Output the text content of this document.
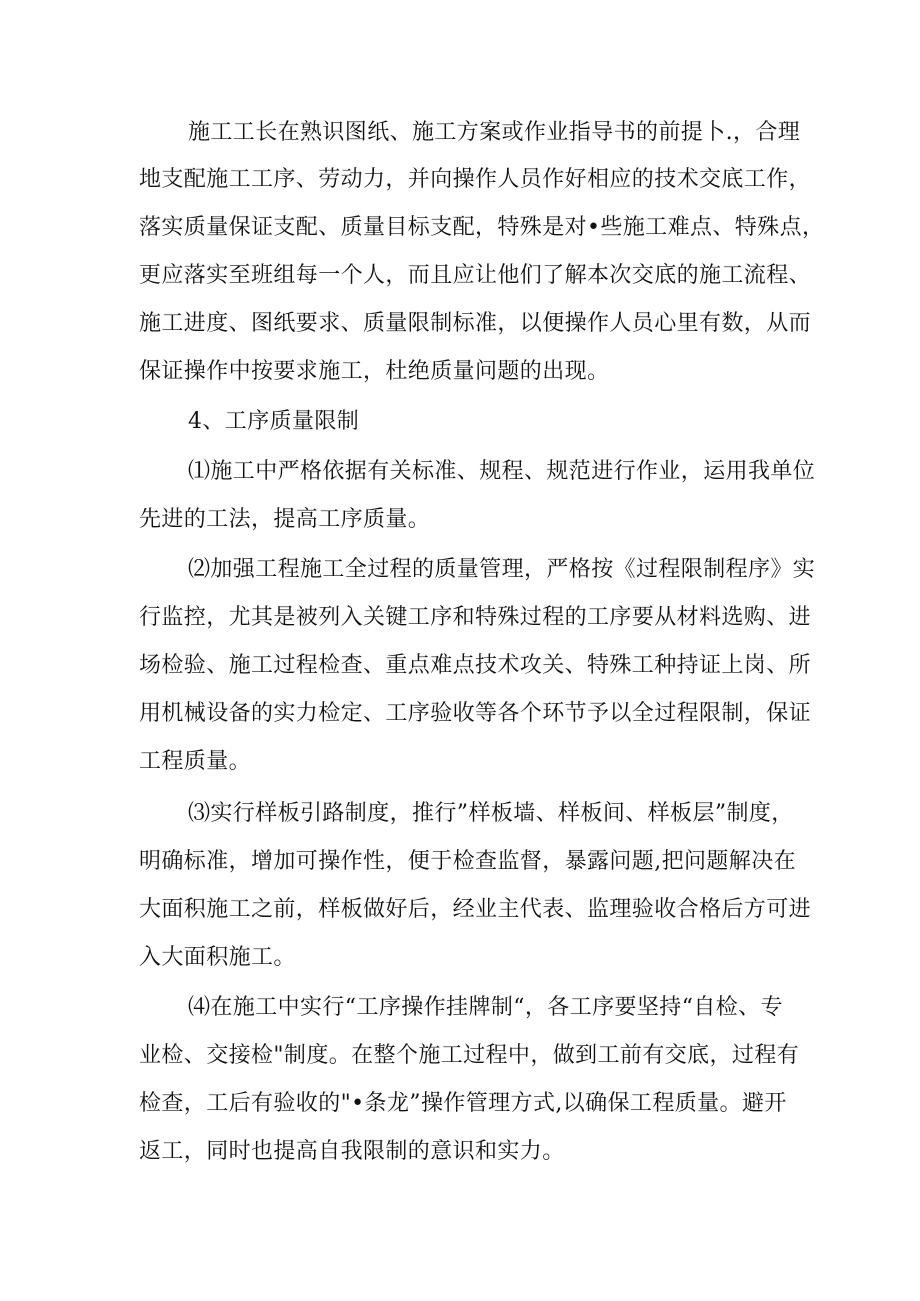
施工工长在熟识图纸、施工方案或作业指导书的前提卜.，合理
地支配施工工序、劳动力，并向操作人员作好相应的技术交底工作，
落实质量保证支配、质量目标支配，特殊是对•些施工难点、特殊点，
更应落实至班组每一个人，而且应让他们了解本次交底的施工流程、
施工进度、图纸要求、质量限制标准，以便操作人员心里有数，从而
保证操作中按要求施工，杜绝质量问题的出现。
4、工序质量限制
⑴施工中严格依据有关标准、规程、规范进行作业，运用我单位
先进的工法，提高工序质量。
⑵加强工程施工全过程的质量管理，严格按《过程限制程序》实
行监控，尤其是被列入关键工序和特殊过程的工序要从材料选购、进
场检验、施工过程检查、重点难点技术攻关、特殊工种持证上岗、所
用机械设备的实力检定、工序验收等各个环节予以全过程限制，保证
工程质量。
⑶实行样板引路制度，推行”样板墙、样板间、样板层”制度，
明确标准，增加可操作性，便于检查监督，暴露问题,把问题解决在
大面积施工之前，样板做好后，经业主代表、监理验收合格后方可进
入大面积施工。
⑷在施工中实行“工序操作挂牌制“，各工序要坚持“自检、专
业检、交接检"制度。在整个施工过程中，做到工前有交底，过程有
检查，工后有验收的"•条龙”操作管理方式,以确保工程质量。避开
返工，同时也提高自我限制的意识和实力。
